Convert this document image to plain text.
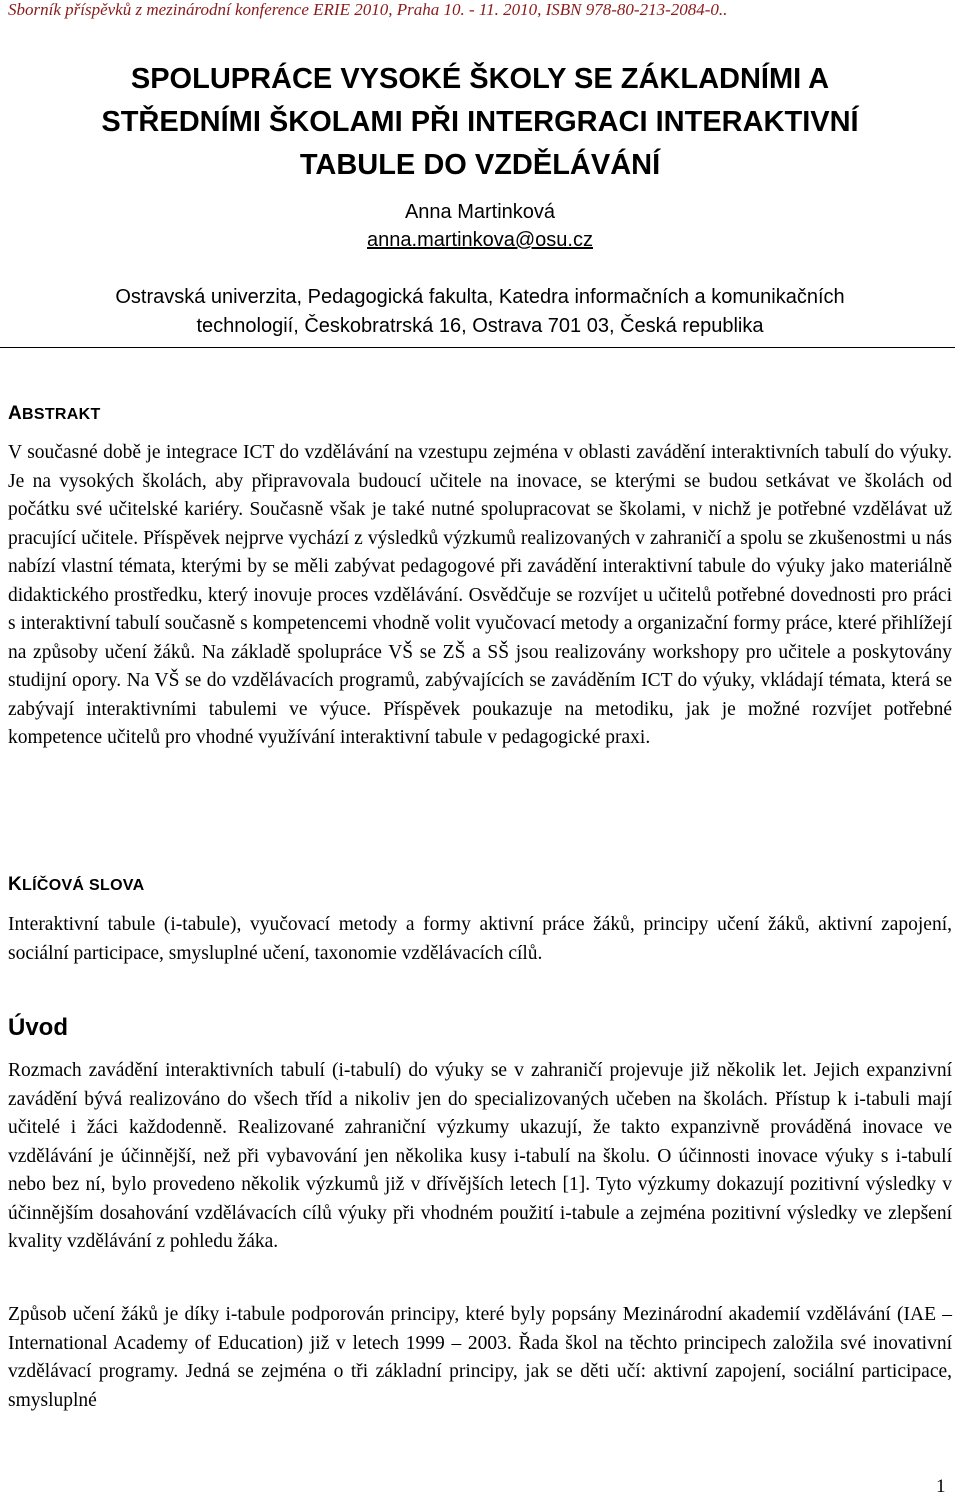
Sborník příspěvků z mezinárodní konference ERIE 2010, Praha 10. - 11. 2010, ISBN 978-80-213-2084-0..
SPOLUPRÁCE VYSOKÉ ŠKOLY SE ZÁKLADNÍMI A
STŘEDNÍMI ŠKOLAMI PŘI INTERGRACI INTERAKTIVNÍ
TABULE DO VZDĚLÁVÁNÍ
Anna Martinková
anna.martinkova@osu.cz
Ostravská univerzita, Pedagogická fakulta, Katedra informačních a komunikačních
technologií, Českobratrská 16, Ostrava 701 03, Česká republika
ABSTRAKT
V současné době je integrace ICT do vzdělávání na vzestupu zejména v oblasti zavádění interaktivních tabulí do výuky. Je na vysokých školách, aby připravovala budoucí učitele na inovace, se kterými se budou setkávat ve školách od počátku své učitelské kariéry. Současně však je také nutné spolupracovat se školami, v nichž je potřebné vzdělávat už pracující učitele. Příspěvek nejprve vychází z výsledků výzkumů realizovaných v zahraničí a spolu se zkušenostmi u nás nabízí vlastní témata, kterými by se měli zabývat pedagogové při zavádění interaktivní tabule do výuky jako materiálně didaktického prostředku, který inovuje proces vzdělávání. Osvědčuje se rozvíjet u učitelů potřebné dovednosti pro práci s interaktivní tabulí současně s kompetencemi vhodně volit vyučovací metody a organizační formy práce, které přihlížejí na způsoby učení žáků. Na základě spolupráce VŠ se ZŠ a SŠ jsou realizovány workshopy pro učitele a poskytovány studijní opory. Na VŠ se do vzdělávacích programů, zabývajících se zaváděním ICT do výuky, vkládají témata, která se zabývají interaktivními tabulemi ve výuce. Příspěvek poukazuje na metodiku, jak je možné rozvíjet potřebné kompetence učitelů pro vhodné využívání interaktivní tabule v pedagogické praxi.
KLÍČOVÁ SLOVA
Interaktivní tabule (i-tabule), vyučovací metody a formy aktivní práce žáků, principy učení žáků, aktivní zapojení, sociální participace, smysluplné učení, taxonomie vzdělávacích cílů.
Úvod
Rozmach zavádění interaktivních tabulí (i-tabulí) do výuky se v zahraničí projevuje již několik let. Jejich expanzivní zavádění bývá realizováno do všech tříd a nikoliv jen do specializovaných učeben na školách. Přístup k i-tabuli mají učitelé i žáci každodenně. Realizované zahraniční výzkumy ukazují, že takto expanzivně prováděná inovace ve vzdělávání je účinnější, než při vybavování jen několika kusy i-tabulí na školu. O účinnosti inovace výuky s i-tabulí nebo bez ní, bylo provedeno několik výzkumů již v dřívějších letech [1]. Tyto výzkumy dokazují pozitivní výsledky v účinnějším dosahování vzdělávacích cílů výuky při vhodném použití i-tabule a zejména pozitivní výsledky ve zlepšení kvality vzdělávání z pohledu žáka.
Způsob učení žáků je díky i-tabule podporován principy, které byly popsány Mezinárodní akademií vzdělávání (IAE – International Academy of Education) již v letech 1999 – 2003. Řada škol na těchto principech založila své inovativní vzdělávací programy. Jedná se zejména o tři základní principy, jak se děti učí: aktivní zapojení, sociální participace, smysluplné
1
